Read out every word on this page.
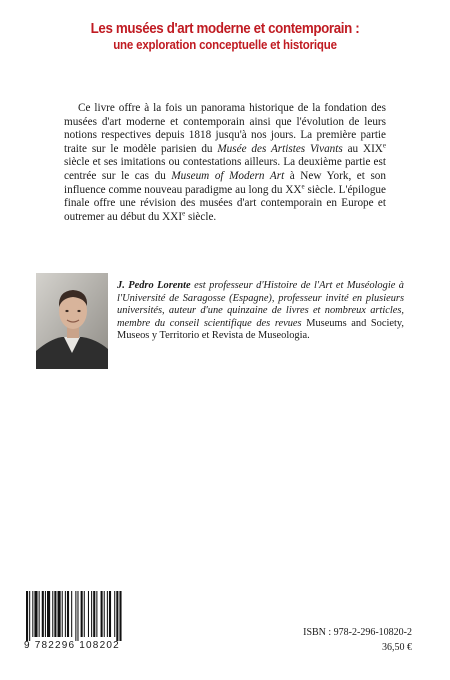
Les musées d'art moderne et contemporain :
une exploration conceptuelle et historique

Ce livre offre à la fois un panorama historique de la fondation des musées d'art moderne et contemporain ainsi que l'évolution de leurs notions respectives depuis 1818 jusqu'à nos jours. La première partie traite sur le modèle parisien du Musée des Artistes Vivants au XIXe siècle et ses imitations ou contestations ailleurs. La deuxième partie est centrée sur le cas du Museum of Modern Art à New York, et son influence comme nouveau paradigme au long du XXe siècle. L'épilogue finale offre une révision des musées d'art contemporain en Europe et outremer au début du XXIe siècle.

J. Pedro Lorente est professeur d'Histoire de l'Art et Muséologie à l'Université de Saragosse (Espagne), professeur invité en plusieurs universités, auteur d'une quinzaine de livres et nombreux articles, membre du conseil scientifique des revues Museums and Society, Museos y Territorio et Revista de Museologia.

9 782296 108202
ISBN : 978-2-296-10820-2
36,50 €
